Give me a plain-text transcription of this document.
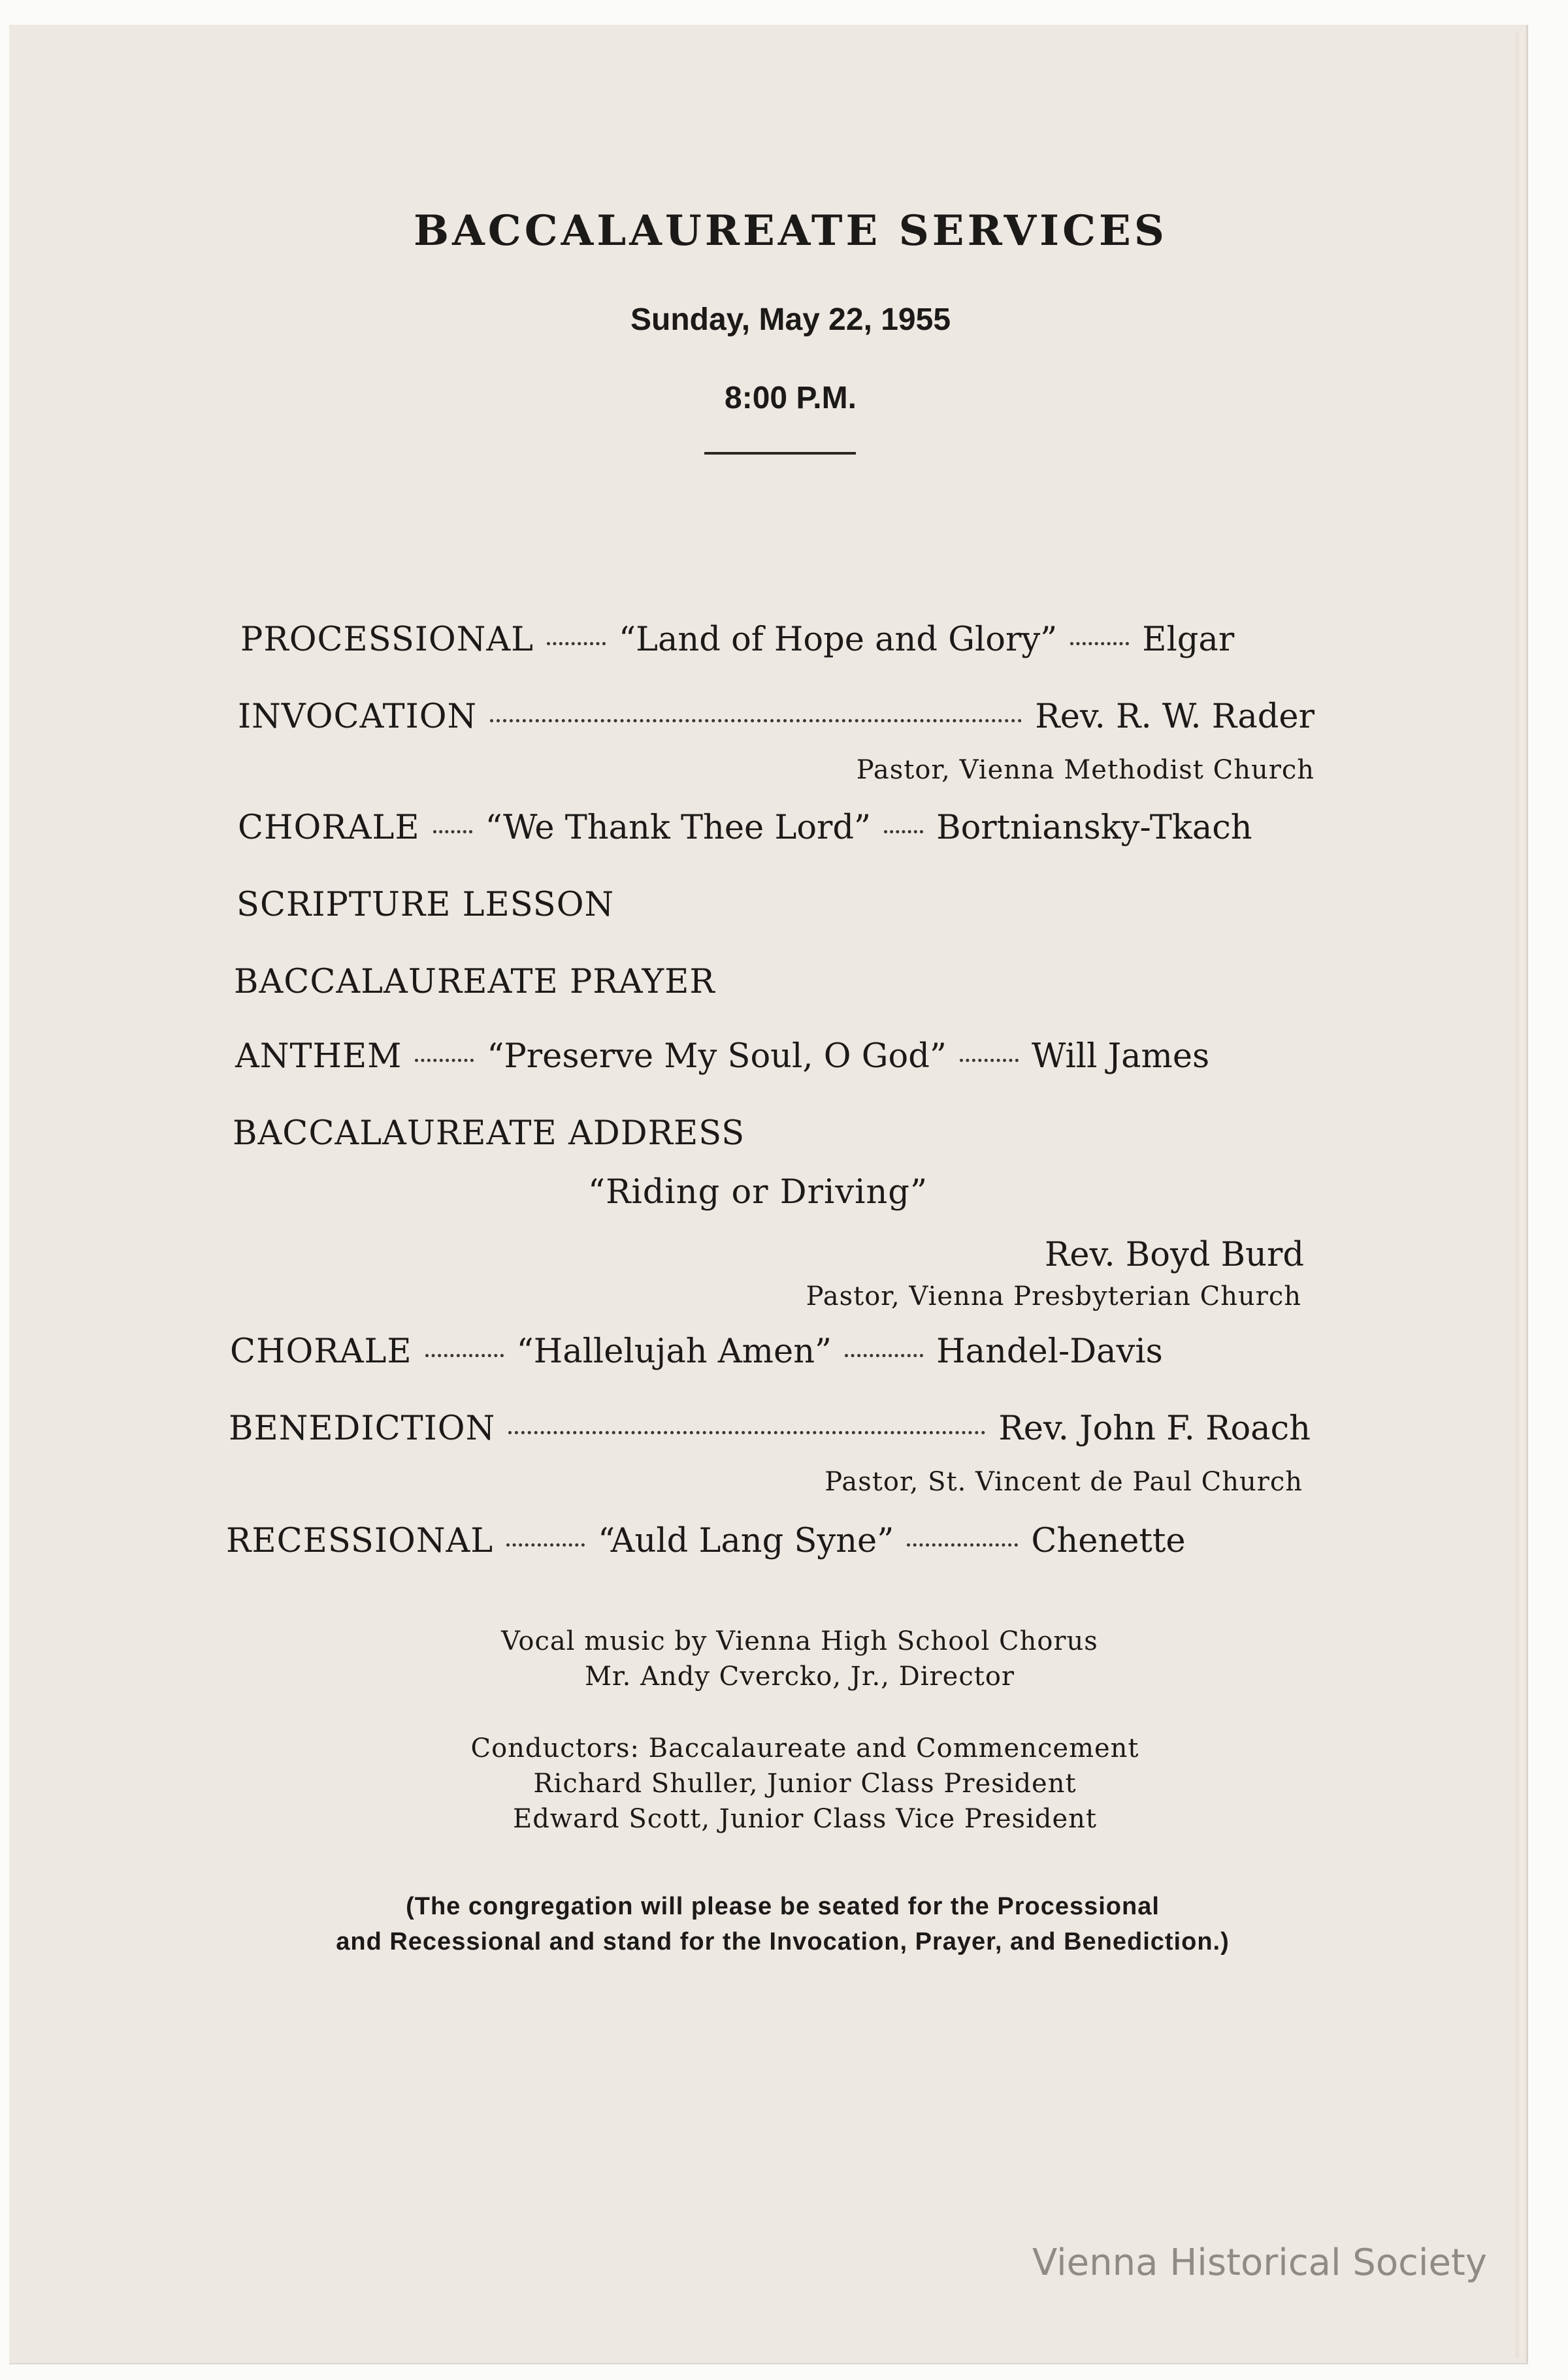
BACCALAUREATE SERVICES
Sunday, May 22, 1955
8:00 P.M.
PROCESSIONAL	“Land of Hope and Glory”	Elgar
INVOCATION	Rev. R. W. Rader
Pastor, Vienna Methodist Church
CHORALE “We Thank Thee Lord” Bortniansky-Tkach
SCRIPTURE LESSON
BACCALAUREATE PRAYER
ANTHEM	“Preserve My Soul, O God”	Will James
BACCALAUREATE ADDRESS
“Riding or Driving”
Rev. Boyd Burd
Pastor, Vienna Presbyterian Church
CHORALE	“Hallelujah Amen”	Handel-Davis
BENEDICTION	Rev. John F. Roach
Pastor, St. Vincent de Paul Church
RECESSIONAL	“Auld Lang Syne”	Chenette
Vocal music by Vienna High School Chorus
Mr. Andy Cvercko, Jr., Director
Conductors: Baccalaureate and Commencement
Richard Shuller, Junior Class President
Edward Scott, Junior Class Vice President
(The congregation will please be seated for the Processional
and Recessional and stand for the Invocation, Prayer, and Benediction.)
Vienna Historical Society
